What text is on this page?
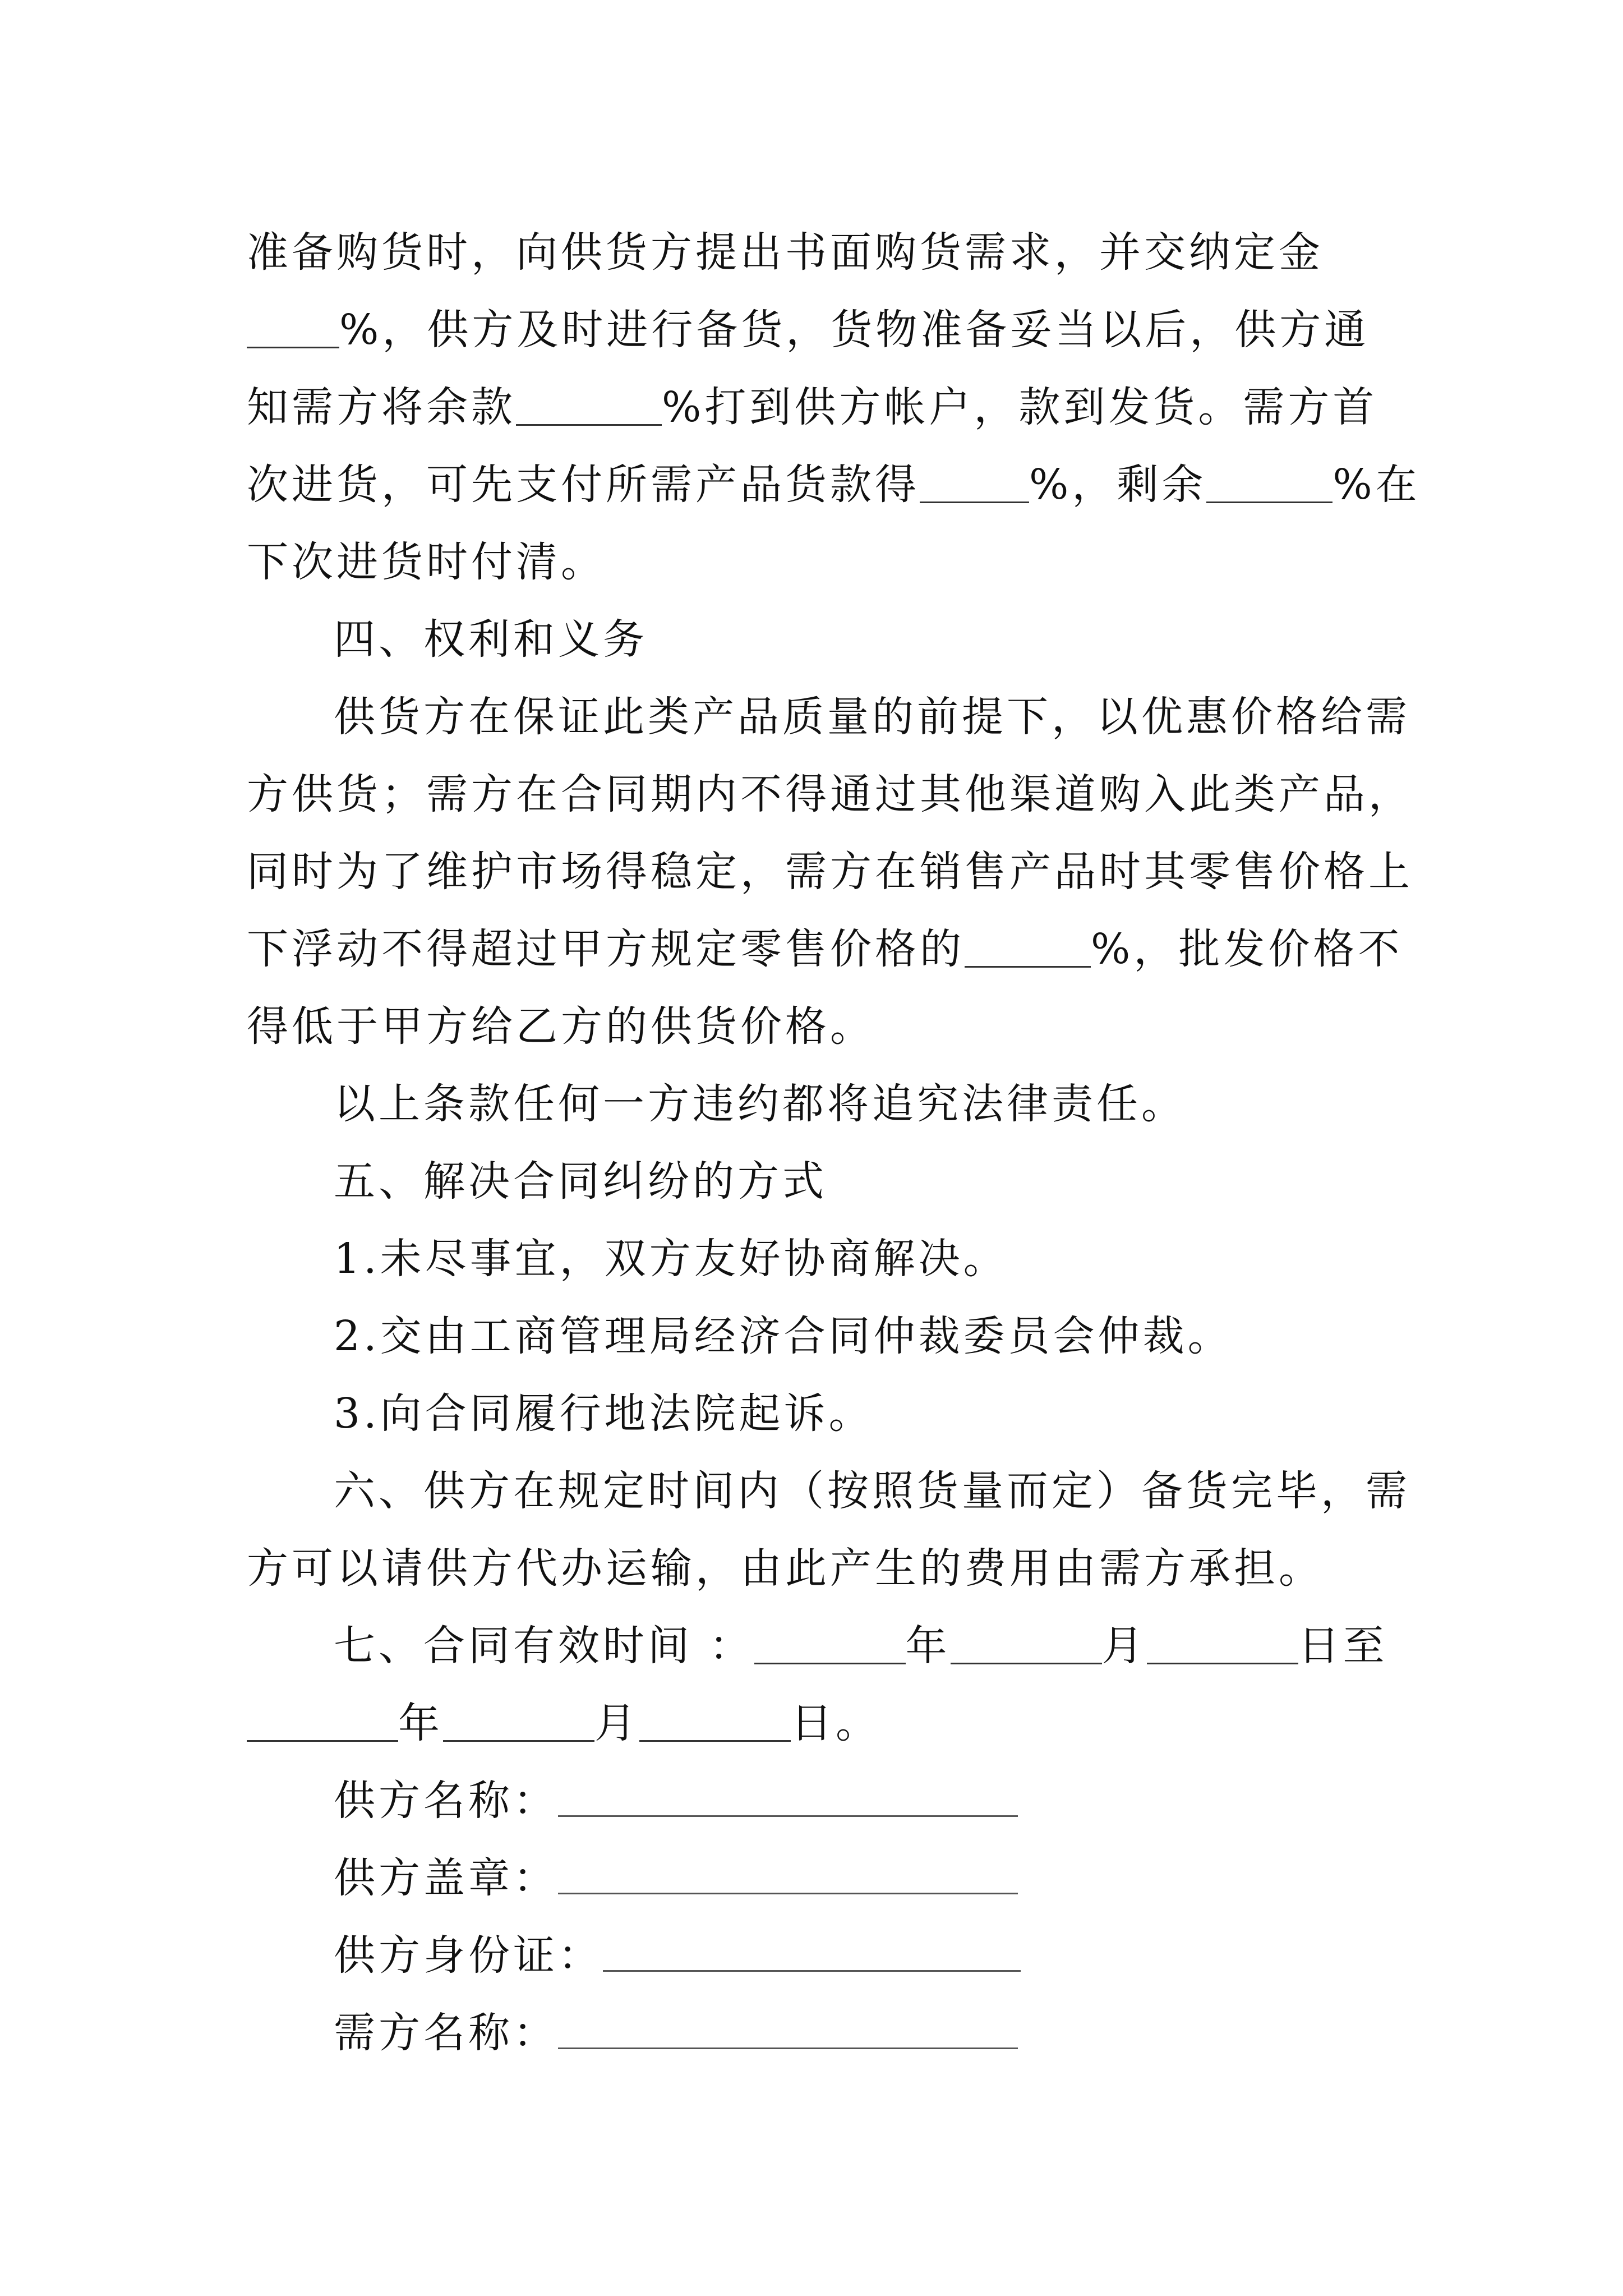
准备购货时，向供货方提出书面购货需求，并交纳定金
%，供方及时进行备货，货物准备妥当以后，供方通
知需方将余款	%打到供方帐户，款到发货。需方首
次进货，可先支付所需产品货款得	%，剩余	%在
下次进货时付清。
四、权利和义务
供货方在保证此类产品质量的前提下，以优惠价格给需
方供货；需方在合同期内不得通过其他渠道购入此类产品，
同时为了维护市场得稳定，需方在销售产品时其零售价格上
下浮动不得超过甲方规定零售价格的	%，批发价格不
得低于甲方给乙方的供货价格。
以上条款任何一方违约都将追究法律责任。
五、解决合同纠纷的方式
1.未尽事宜，双方友好协商解决。
2.交由工商管理局经济合同仲裁委员会仲裁。
3.向合同履行地法院起诉。
六、供方在规定时间内（按照货量而定）备货完毕，需
方可以请供方代办运输，由此产生的费用由需方承担。
七、合同有效时间 ：	年	月	日至
年	月	日。
供方名称：
供方盖章：
供方身份证：
需方名称：
